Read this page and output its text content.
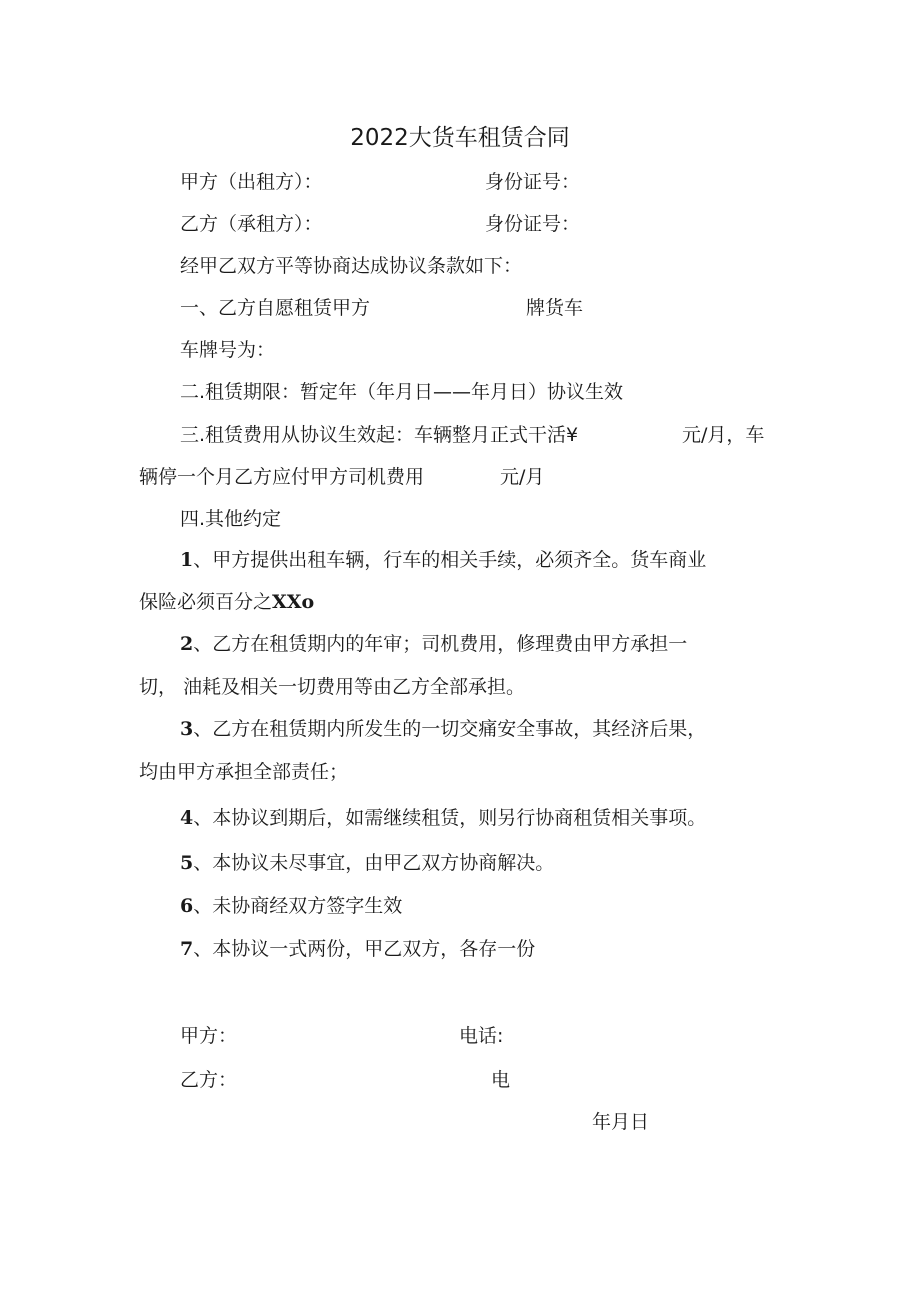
2022大货车租赁合同
甲方（出租方）：	身份证号：
乙方（承租方）：	身份证号：
经甲乙双方平等协商达成协议条款如下：
一、乙方自愿租赁甲方	牌货车
车牌号为：
二.租赁期限：暂定年（年月日——年月日）协议生效
三.租赁费用从协议生效起：车辆整月正式干活¥	元/月，车
辆停一个月乙方应付甲方司机费用	元/月
四.其他约定
1、甲方提供出租车辆，行车的相关手续，必须齐全。货车商业
保险必须百分之XXo
2、乙方在租赁期内的年审；司机费用，修理费由甲方承担一
切， 油耗及相关一切费用等由乙方全部承担。
3、乙方在租赁期内所发生的一切交痛安全事故，其经济后果，
均由甲方承担全部责任；
4、本协议到期后，如需继续租赁，则另行协商租赁相关事项。
5、本协议未尽事宜，由甲乙双方协商解决。
6、未协商经双方签字生效
7、本协议一式两份，甲乙双方，各存一份
甲方：	电话:
乙方：	电
年月日
